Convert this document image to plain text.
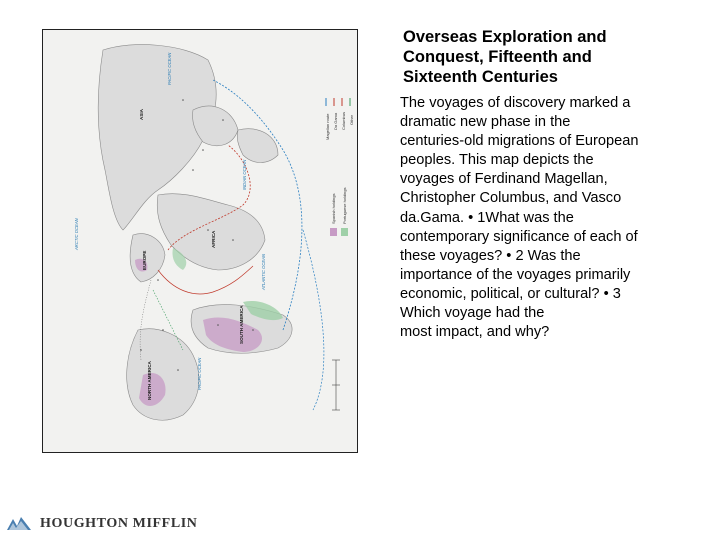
ASIA
AFRICA
EUROPE
SOUTH AMERICA
NORTH AMERICA
INDIAN OCEAN
ATLANTIC OCEAN
PACIFIC OCEAN
PACIFIC OCEAN
ARCTIC OCEAN
Magellan route Da Gama Columbus Other
Spanish holdings Portuguese holdings
Overseas Exploration and
Conquest, Fifteenth and
Sixteenth Centuries

The voyages of discovery marked a
dramatic new phase in the
centuries-old migrations of European
peoples. This map depicts the
voyages of Ferdinand Magellan,
Christopher Columbus, and Vasco
da.Gama. • 1What was the
contemporary significance of each of
these voyages? • 2 Was the
importance of the voyages primarily
economic, political, or cultural? • 3
Which voyage had the
most impact, and why?

HOUGHTON MIFFLIN
